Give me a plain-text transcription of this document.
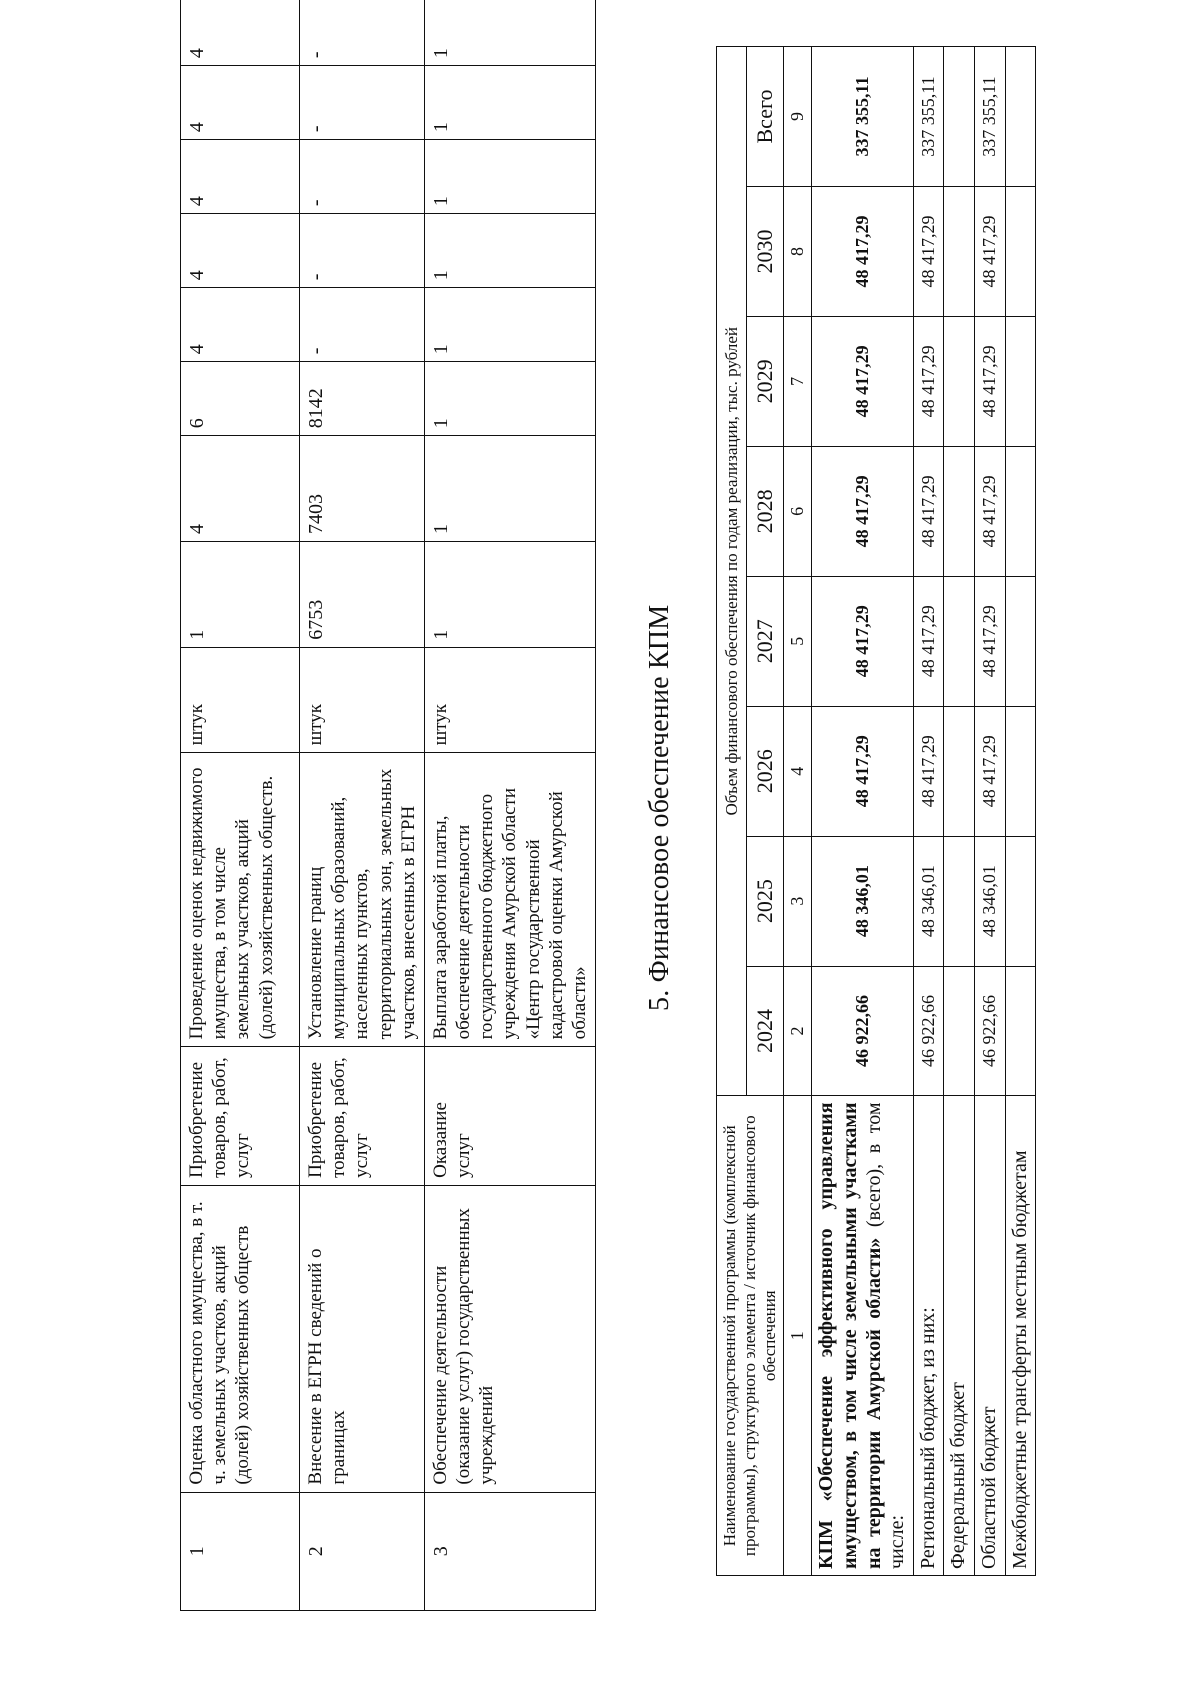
1	Оценка областного имущества, в т. ч. земельных участков, акций (долей) хозяйственных обществ	Приобретение товаров, работ, услуг	Проведение оценок недвижимого имущества, в том числе земельных участков, акций (долей) хозяйственных обществ.	штук	1	4	6	4	4	4	4	4
2	Внесение в ЕГРН сведений о границах	Приобретение товаров, работ, услуг	Установление границ муниципальных образований, населенных пунктов, территориальных зон, земельных участков, внесенных в ЕГРН	штук	6753	7403	8142	-	-	-	-	-
3	Обеспечение деятельности (оказание услуг) государственных учреждений	Оказание услуг	Выплата заработной платы, обеспечение деятельности государственного бюджетного учреждения Амурской области «Центр государственной кадастровой оценки Амурской области»	штук	1	1	1	1	1	1	1	1
5. Финансовое обеспечение КПМ
Наименование государственной программы (комплексной программы), структурного элемента / источник финансового обеспечения	Объем финансового обеспечения по годам реализации, тыс. рублей							
	2024	2025	2026	2027	2028	2029	2030	Всего
1	2	3	4	5	6	7	8	9
КПМ «Обеспечение эффективного управления имуществом, в том числе земельными участками на территории Амурской области» (всего), в том числе:	46 922,66	48 346,01	48 417,29	48 417,29	48 417,29	48 417,29	48 417,29	337 355,11
Региональный бюджет, из них:	46 922,66	48 346,01	48 417,29	48 417,29	48 417,29	48 417,29	48 417,29	337 355,11
Федеральный бюджет								
Областной бюджет	46 922,66	48 346,01	48 417,29	48 417,29	48 417,29	48 417,29	48 417,29	337 355,11
Межбюджетные трансферты местным бюджетам								
